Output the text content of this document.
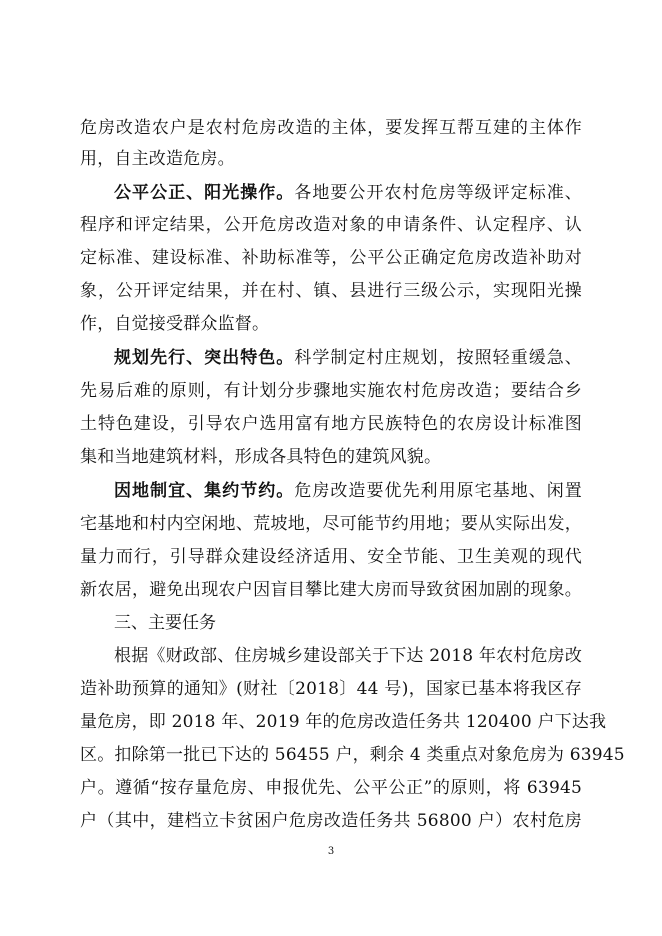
危房改造农户是农村危房改造的主体，要发挥互帮互建的主体作
用，自主改造危房。
公平公正、阳光操作。各地要公开农村危房等级评定标准、
程序和评定结果，公开危房改造对象的申请条件、认定程序、认
定标准、建设标准、补助标准等，公平公正确定危房改造补助对
象，公开评定结果，并在村、镇、县进行三级公示，实现阳光操
作，自觉接受群众监督。
规划先行、突出特色。科学制定村庄规划，按照轻重缓急、
先易后难的原则，有计划分步骤地实施农村危房改造；要结合乡
土特色建设，引导农户选用富有地方民族特色的农房设计标准图
集和当地建筑材料，形成各具特色的建筑风貌。
因地制宜、集约节约。危房改造要优先利用原宅基地、闲置
宅基地和村内空闲地、荒坡地，尽可能节约用地；要从实际出发，
量力而行，引导群众建设经济适用、安全节能、卫生美观的现代
新农居，避免出现农户因盲目攀比建大房而导致贫困加剧的现象。
三、主要任务
根据《财政部、住房城乡建设部关于下达 2018 年农村危房改
造补助预算的通知》(财社〔2018〕44 号)，国家已基本将我区存
量危房，即 2018 年、2019 年的危房改造任务共 120400 户下达我
区。扣除第一批已下达的 56455 户，剩余 4 类重点对象危房为 63945
户。遵循“按存量危房、申报优先、公平公正”的原则，将 63945
户（其中，建档立卡贫困户危房改造任务共 56800 户）农村危房
3
